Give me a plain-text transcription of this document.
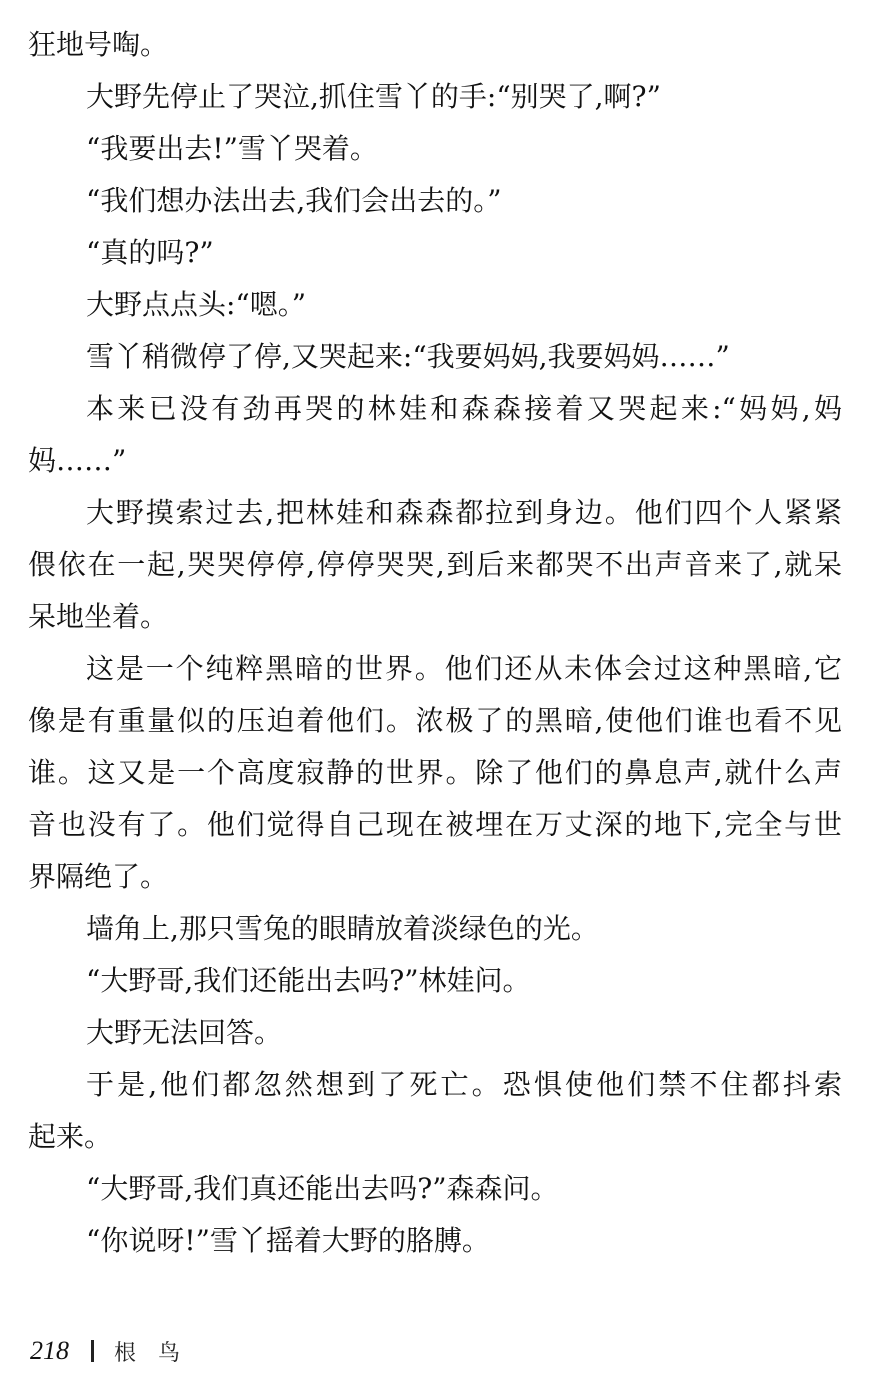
狂地号啕。
大野先停止了哭泣,抓住雪丫的手:“别哭了,啊?”
“我要出去!”雪丫哭着。
“我们想办法出去,我们会出去的。”
“真的吗?”
大野点点头:“嗯。”
雪丫稍微停了停,又哭起来:“我要妈妈,我要妈妈……”
本来已没有劲再哭的林娃和森森接着又哭起来:“妈妈,妈
妈……”
大野摸索过去,把林娃和森森都拉到身边。他们四个人紧紧
偎依在一起,哭哭停停,停停哭哭,到后来都哭不出声音来了,就呆
呆地坐着。
这是一个纯粹黑暗的世界。他们还从未体会过这种黑暗,它
像是有重量似的压迫着他们。浓极了的黑暗,使他们谁也看不见
谁。这又是一个高度寂静的世界。除了他们的鼻息声,就什么声
音也没有了。他们觉得自己现在被埋在万丈深的地下,完全与世
界隔绝了。
墙角上,那只雪兔的眼睛放着淡绿色的光。
“大野哥,我们还能出去吗?”林娃问。
大野无法回答。
于是,他们都忽然想到了死亡。恐惧使他们禁不住都抖索
起来。
“大野哥,我们真还能出去吗?”森森问。
“你说呀!”雪丫摇着大野的胳膊。
218 根鸟
